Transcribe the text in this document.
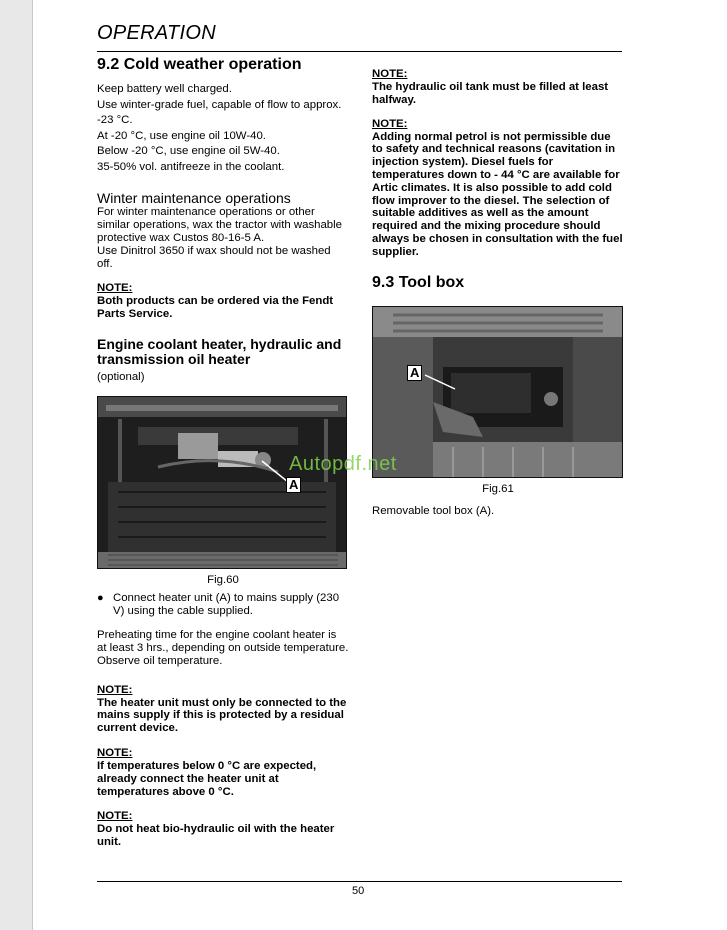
OPERATION
9.2 Cold weather operation
Keep battery well charged.
Use winter-grade fuel, capable of flow to approx.
-23 °C.
At -20 °C, use engine oil 10W-40.
Below -20 °C, use engine oil 5W-40.
35-50% vol. antifreeze in the coolant.
Winter maintenance operations

For winter maintenance operations or other similar operations, wax the tractor with washable protective wax Custos 80-16-5 A.

Use Dinitrol 3650 if wax should not be washed off.

NOTE:
Both products can be ordered via the Fendt Parts Service.
Engine coolant heater, hydraulic and transmission oil heater

(optional)

A

Fig.60
● Connect heater unit (A) to mains supply (230 V) using the cable supplied.

Preheating time for the engine coolant heater is at least 3 hrs., depending on outside temperature. Observe oil temperature.

NOTE:
The heater unit must only be connected to the mains supply if this is protected by a residual current device.
NOTE:
If temperatures below 0 °C are expected, already connect the heater unit at temperatures above 0 °C.
NOTE:
Do not heat bio-hydraulic oil with the heater unit.
NOTE:
The hydraulic oil tank must be filled at least halfway.
NOTE:
Adding normal petrol is not permissible due to safety and technical reasons (cavitation in injection system). Diesel fuels for temperatures down to - 44 °C are available for Artic climates. It is also possible to add cold flow improver to the diesel. The selection of suitable additives as well as the amount required and the mixing procedure should always be chosen in consultation with the fuel supplier.
9.3 Tool box
A
Fig.61

Removable tool box (A).

Autopdf.net
50
